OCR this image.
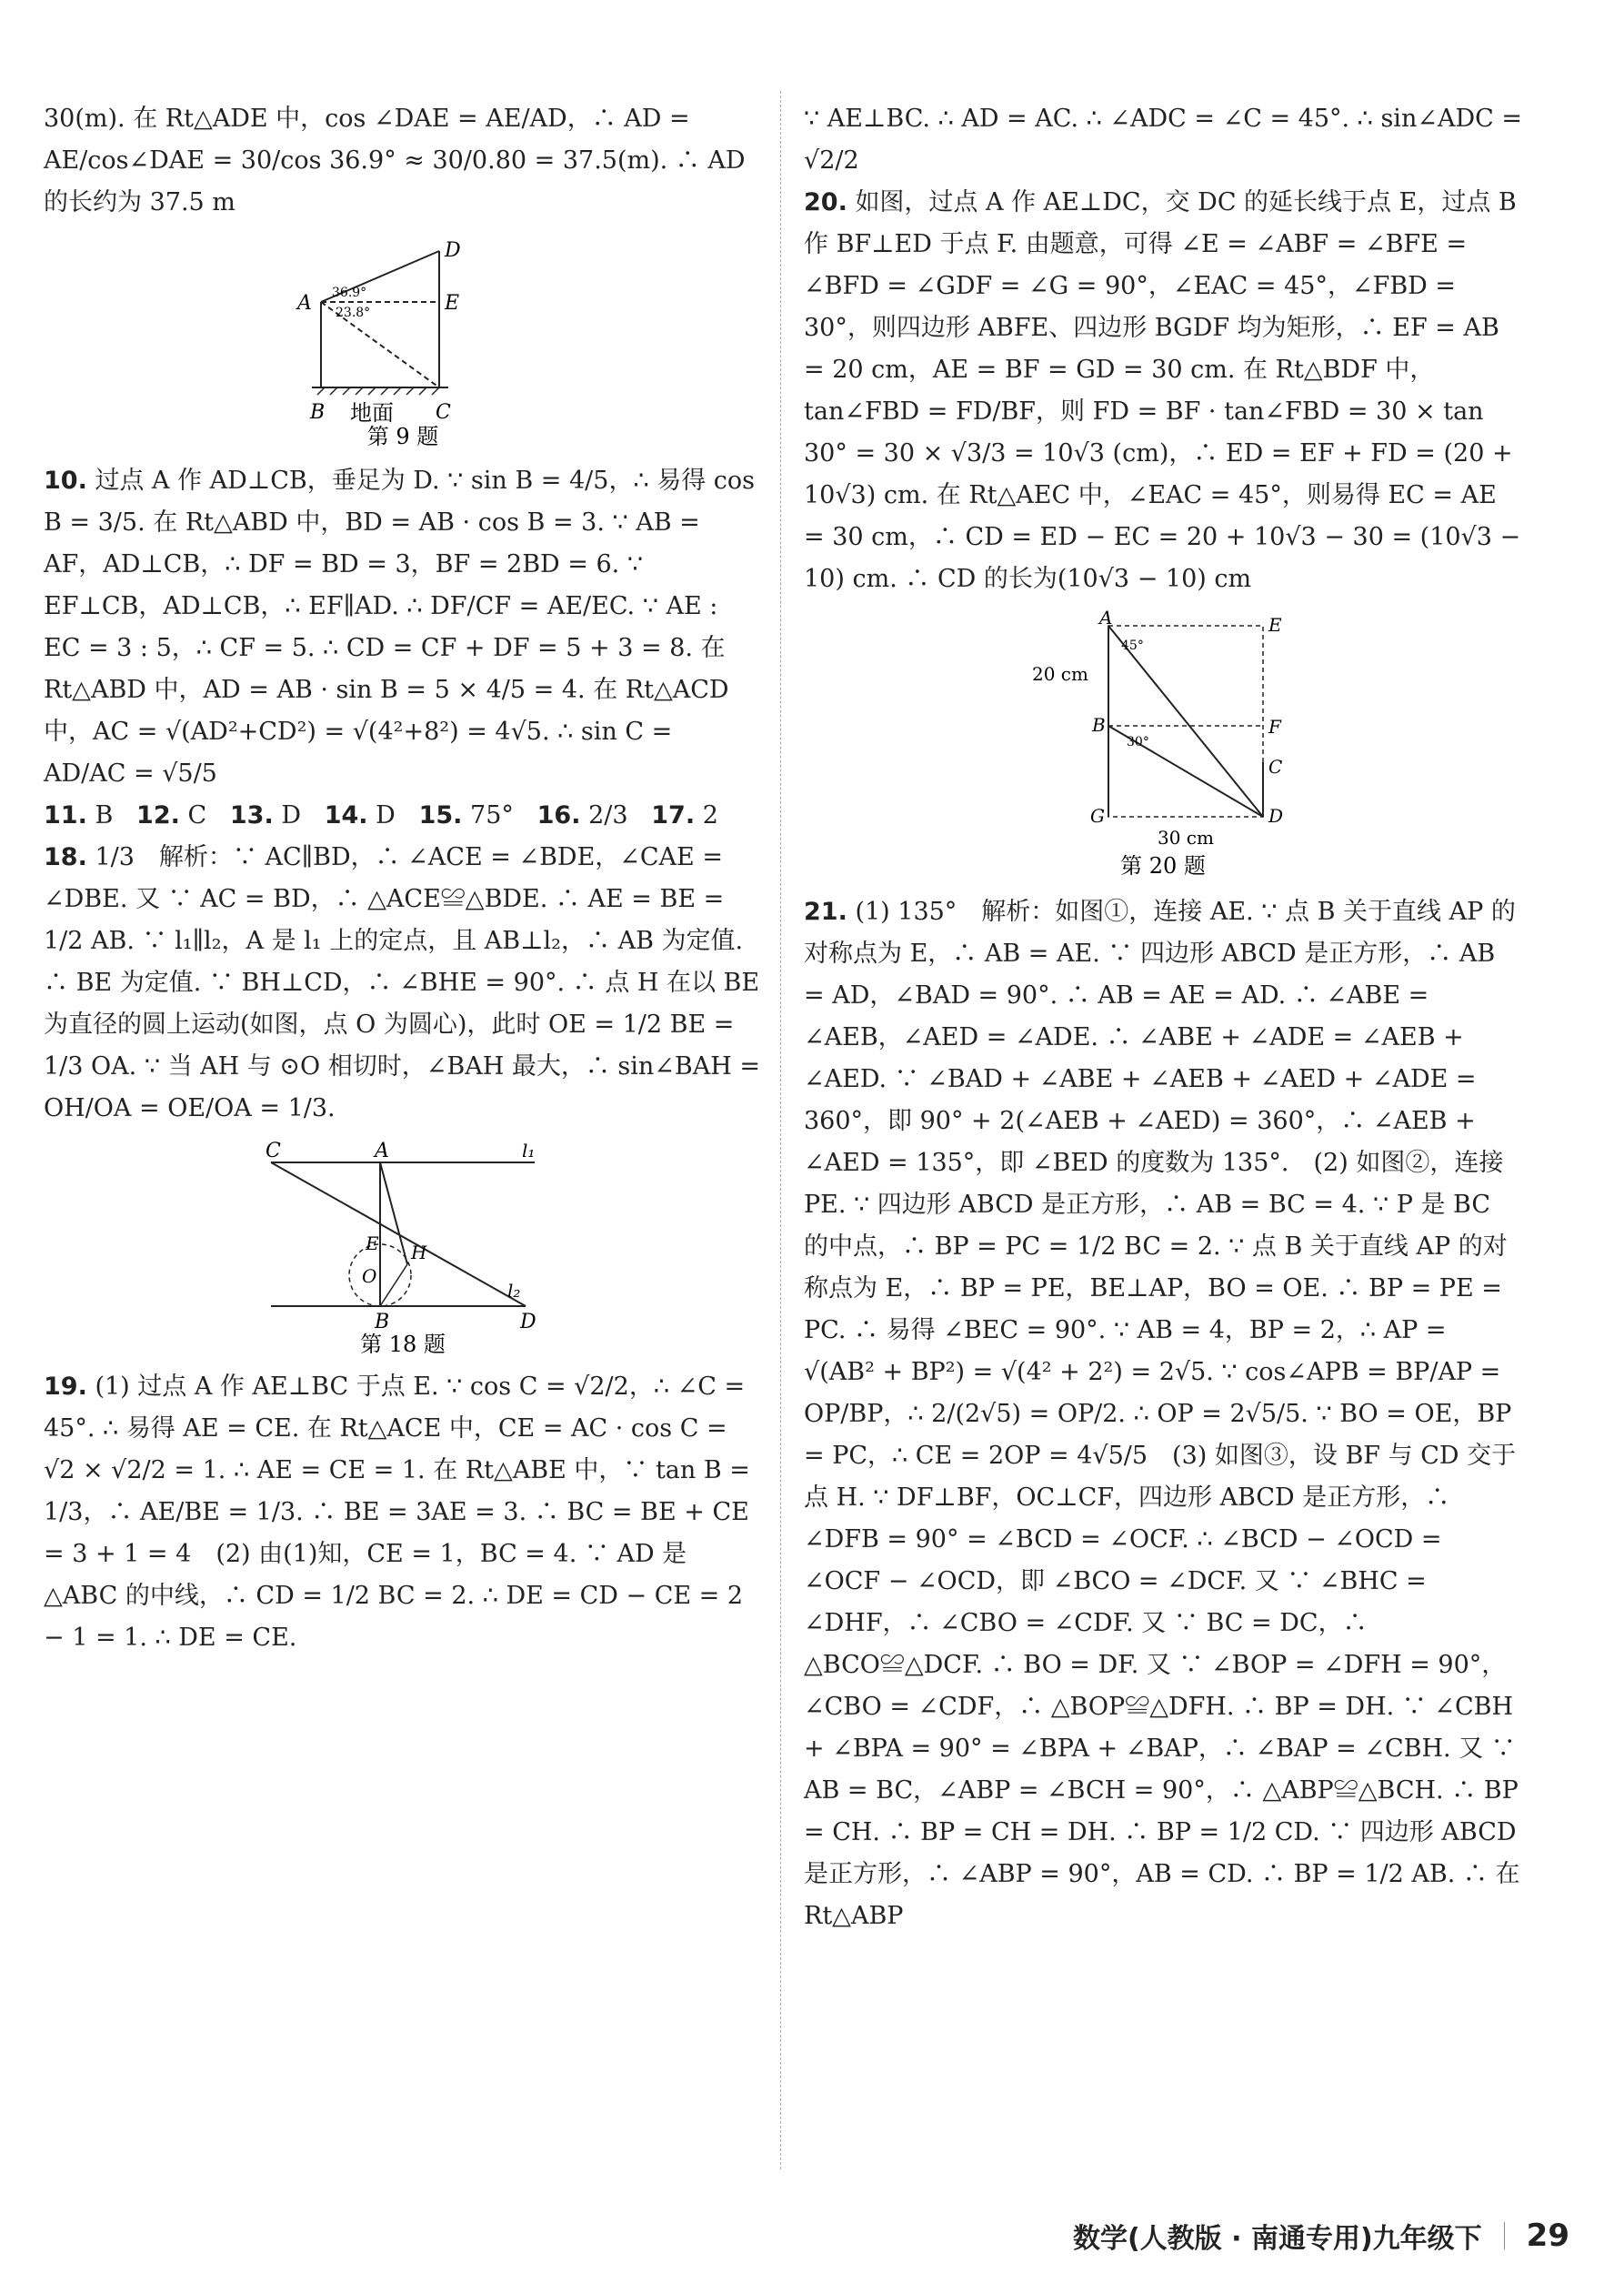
30(m). 在 Rt△ADE 中，cos ∠DAE = AE/AD，∴ AD = AE/cos∠DAE = 30/cos 36.9° ≈ 30/0.80 = 37.5(m). ∴ AD 的长约为 37.5 m

D
A	E
B 地面 C
36.9°
23.8°
第 9 题

10. 过点 A 作 AD⊥CB，垂足为 D. ∵ sin B = 4/5，∴ 易得 cos B = 3/5. 在 Rt△ABD 中，BD = AB · cos B = 3. ∵ AB = AF，AD⊥CB，∴ DF = BD = 3，BF = 2BD = 6. ∵ EF⊥CB，AD⊥CB，∴ EF∥AD. ∴ DF/CF = AE/EC. ∵ AE : EC = 3 : 5，∴ CF = 5. ∴ CD = CF + DF = 5 + 3 = 8. 在 Rt△ABD 中，AD = AB · sin B = 5 × 4/5 = 4. 在 Rt△ACD 中，AC = √(AD²+CD²) = √(4²+8²) = 4√5. ∴ sin C = AD/AC = √5/5

11. B 12. C 13. D 14. D 15. 75° 16. 2/3 17. 2

18. 1/3　解析：∵ AC∥BD，∴ ∠ACE = ∠BDE，∠CAE = ∠DBE. 又 ∵ AC = BD，∴ △ACE≌△BDE. ∴ AE = BE = 1/2 AB. ∵ l₁∥l₂，A 是 l₁ 上的定点，且 AB⊥l₂，∴ AB 为定值. ∴ BE 为定值. ∵ BH⊥CD，∴ ∠BHE = 90°. ∴ 点 H 在以 BE 为直径的圆上运动(如图，点 O 为圆心)，此时 OE = 1/2 BE = 1/3 OA. ∵ 当 AH 与 ⊙O 相切时，∠BAH 最大，∴ sin∠BAH = OH/OA = OE/OA = 1/3.

C	A	l₁
E H
O
l₂
B	D
第 18 题

19. (1) 过点 A 作 AE⊥BC 于点 E. ∵ cos C = √2/2，∴ ∠C = 45°. ∴ 易得 AE = CE. 在 Rt△ACE 中，CE = AC · cos C = √2 × √2/2 = 1. ∴ AE = CE = 1. 在 Rt△ABE 中，∵ tan B = 1/3，∴ AE/BE = 1/3. ∴ BE = 3AE = 3. ∴ BC = BE + CE = 3 + 1 = 4　(2) 由(1)知，CE = 1，BC = 4. ∵ AD 是 △ABC 的中线，∴ CD = 1/2 BC = 2. ∴ DE = CD − CE = 2 − 1 = 1. ∴ DE = CE.

∵ AE⊥BC. ∴ AD = AC. ∴ ∠ADC = ∠C = 45°. ∴ sin∠ADC = √2/2

20. 如图，过点 A 作 AE⊥DC，交 DC 的延长线于点 E，过点 B 作 BF⊥ED 于点 F. 由题意，可得 ∠E = ∠ABF = ∠BFE = ∠BFD = ∠GDF = ∠G = 90°，∠EAC = 45°，∠FBD = 30°，则四边形 ABFE、四边形 BGDF 均为矩形，∴ EF = AB = 20 cm，AE = BF = GD = 30 cm. 在 Rt△BDF 中，tan∠FBD = FD/BF，则 FD = BF · tan∠FBD = 30 × tan 30° = 30 × √3/3 = 10√3 (cm)，∴ ED = EF + FD = (20 + 10√3) cm. 在 Rt△AEC 中，∠EAC = 45°，则易得 EC = AE = 30 cm，∴ CD = ED − EC = 20 + 10√3 − 30 = (10√3 − 10) cm. ∴ CD 的长为(10√3 − 10) cm

A	E
45°
20 cm
B	F
30°
C
G	D
30 cm
第 20 题

21. (1) 135°　解析：如图①，连接 AE. ∵ 点 B 关于直线 AP 的对称点为 E，∴ AB = AE. ∵ 四边形 ABCD 是正方形，∴ AB = AD，∠BAD = 90°. ∴ AB = AE = AD. ∴ ∠ABE = ∠AEB，∠AED = ∠ADE. ∴ ∠ABE + ∠ADE = ∠AEB + ∠AED. ∵ ∠BAD + ∠ABE + ∠AEB + ∠AED + ∠ADE = 360°，即 90° + 2(∠AEB + ∠AED) = 360°，∴ ∠AEB + ∠AED = 135°，即 ∠BED 的度数为 135°.　(2) 如图②，连接 PE. ∵ 四边形 ABCD 是正方形，∴ AB = BC = 4. ∵ P 是 BC 的中点，∴ BP = PC = 1/2 BC = 2. ∵ 点 B 关于直线 AP 的对称点为 E，∴ BP = PE，BE⊥AP，BO = OE. ∴ BP = PE = PC. ∴ 易得 ∠BEC = 90°. ∵ AB = 4，BP = 2，∴ AP = √(AB² + BP²) = √(4² + 2²) = 2√5. ∵ cos∠APB = BP/AP = OP/BP，∴ 2/(2√5) = OP/2. ∴ OP = 2√5/5. ∵ BO = OE，BP = PC，∴ CE = 2OP = 4√5/5　(3) 如图③，设 BF 与 CD 交于点 H. ∵ DF⊥BF，OC⊥CF，四边形 ABCD 是正方形，∴ ∠DFB = 90° = ∠BCD = ∠OCF. ∴ ∠BCD − ∠OCD = ∠OCF − ∠OCD，即 ∠BCO = ∠DCF. 又 ∵ ∠BHC = ∠DHF，∴ ∠CBO = ∠CDF. 又 ∵ BC = DC，∴ △BCO≌△DCF. ∴ BO = DF. 又 ∵ ∠BOP = ∠DFH = 90°，∠CBO = ∠CDF，∴ △BOP≌△DFH. ∴ BP = DH. ∵ ∠CBH + ∠BPA = 90° = ∠BPA + ∠BAP，∴ ∠BAP = ∠CBH. 又 ∵ AB = BC，∠ABP = ∠BCH = 90°，∴ △ABP≌△BCH. ∴ BP = CH. ∴ BP = CH = DH. ∴ BP = 1/2 CD. ∵ 四边形 ABCD 是正方形，∴ ∠ABP = 90°，AB = CD. ∴ BP = 1/2 AB. ∴ 在 Rt△ABP

数学(人教版 · 南通专用)九年级下 29
